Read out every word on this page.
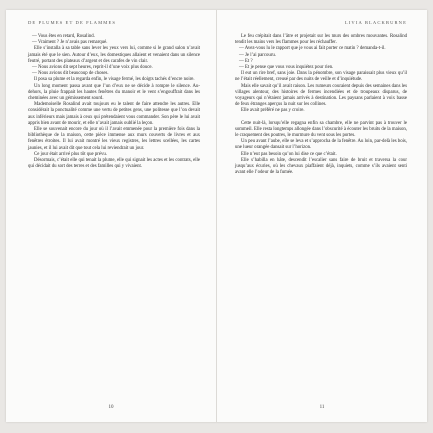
DE PLUMES ET DE FLAMMES

— Vous êtes en retard, Rosalind.

— Vraiment ? Je n’avais pas remarqué.

Elle s’installa à sa table sans lever les yeux vers lui, comme si le grand salon n’avait jamais été que le sien. Autour d’eux, les domestiques allaient et venaient dans un silence feutré, portant des plateaux d’argent et des carafes de vin clair.

— Nous avions dit sept heures, reprit-il d’une voix plus douce.

— Nous avions dit beaucoup de choses.

Il posa sa plume et la regarda enfin, le visage fermé, les doigts tachés d’encre noire.

Un long moment passa avant que l’un d’eux ne se décide à rompre le silence. Au-dehors, la pluie frappait les hautes fenêtres du manoir et le vent s’engouffrait dans les cheminées avec un gémissement sourd.

Mademoiselle Rosalind avait toujours eu le talent de faire attendre les autres. Elle considérait la ponctualité comme une vertu de petites gens, une politesse que l’on devait aux inférieurs mais jamais à ceux qui prétendaient vous commander. Son père le lui avait appris bien avant de mourir, et elle n’avait jamais oublié la leçon.

Elle se souvenait encore du jour où il l’avait emmenée pour la première fois dans la bibliothèque de la maison, cette pièce immense aux murs couverts de livres et aux fenêtres étroites. Il lui avait montré les vieux registres, les lettres scellées, les cartes jaunies, et il lui avait dit que tout cela lui reviendrait un jour.

Ce jour était arrivé plus tôt que prévu.

Désormais, c’était elle qui tenait la plume, elle qui signait les actes et les contrats, elle qui décidait du sort des terres et des familles qui y vivaient.

10
LIVIA BLACKBURNE

Le feu crépitait dans l’âtre et projetait sur les murs des ombres mouvantes. Rosalind tendit les mains vers les flammes pour les réchauffer.

— Avez-vous lu le rapport que je vous ai fait porter ce matin ? demanda-t-il.

— Je l’ai parcouru.

— Et ?

— Et je pense que vous vous inquiétez pour rien.

Il eut un rire bref, sans joie. Dans la pénombre, son visage paraissait plus vieux qu’il ne l’était réellement, creusé par des nuits de veille et d’inquiétude.

Mais elle savait qu’il avait raison. Les rumeurs couraient depuis des semaines dans les villages alentour, des histoires de fermes incendiées et de troupeaux disparus, de voyageurs qui n’étaient jamais arrivés à destination. Les paysans parlaient à voix basse de feux étranges aperçus la nuit sur les collines.

Elle avait préféré ne pas y croire.

Cette nuit-là, lorsqu’elle regagna enfin sa chambre, elle ne parvint pas à trouver le sommeil. Elle resta longtemps allongée dans l’obscurité à écouter les bruits de la maison, le craquement des poutres, le murmure du vent sous les portes.

Un peu avant l’aube, elle se leva et s’approcha de la fenêtre. Au loin, par-delà les bois, une lueur orangée dansait sur l’horizon.

Elle n’eut pas besoin qu’on lui dise ce que c’était.

Elle s’habilla en hâte, descendit l’escalier sans faire de bruit et traversa la cour jusqu’aux écuries, où les chevaux piaffaient déjà, inquiets, comme s’ils avaient senti avant elle l’odeur de la fumée.

11
